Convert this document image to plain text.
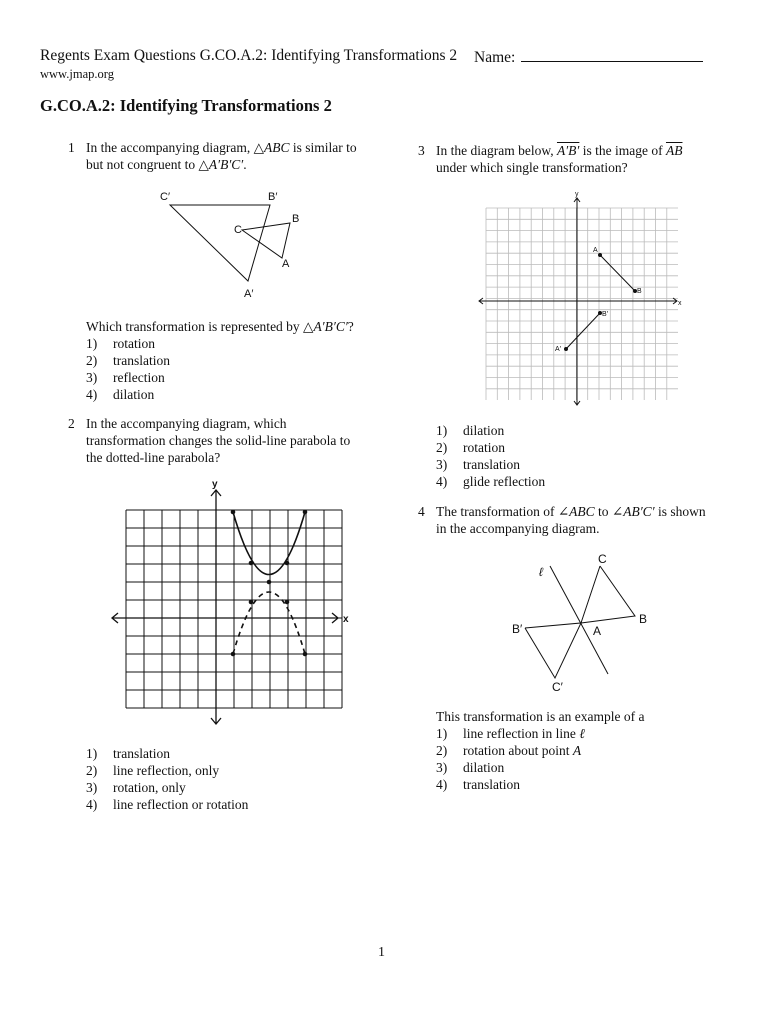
Regents Exam Questions G.CO.A.2: Identifying Transformations 2 Name:
www.jmap.org
G.CO.A.2: Identifying Transformations 2
1 In the accompanying diagram, △ABC is similar to
but not congruent to △A′B′C′.
C′	B′
C
B
A
A′
Which transformation is represented by △A′B′C′?
1)	rotation
2)	translation
3)	reflection
4)	dilation
2 In the accompanying diagram, which
transformation changes the solid-line parabola to
the dotted-line parabola?
y
x
1)	translation
2)	line reflection, only
3)	rotation, only
4)	line reflection or rotation
3 In the diagram below, A′B′ is the image of $\overline{AB}$
under which single transformation?
y
x
A
B
B′
A′
1)	dilation
2)	rotation
3)	translation
4)	glide reflection
4 The transformation of ∠ABC to ∠AB′C′ is shown
in the accompanying diagram.
ℓ
C
B′	A
B
C′
This transformation is an example of a
1)	line reflection in line ℓ
2)	rotation about point A
3)	dilation
4)	translation
1
